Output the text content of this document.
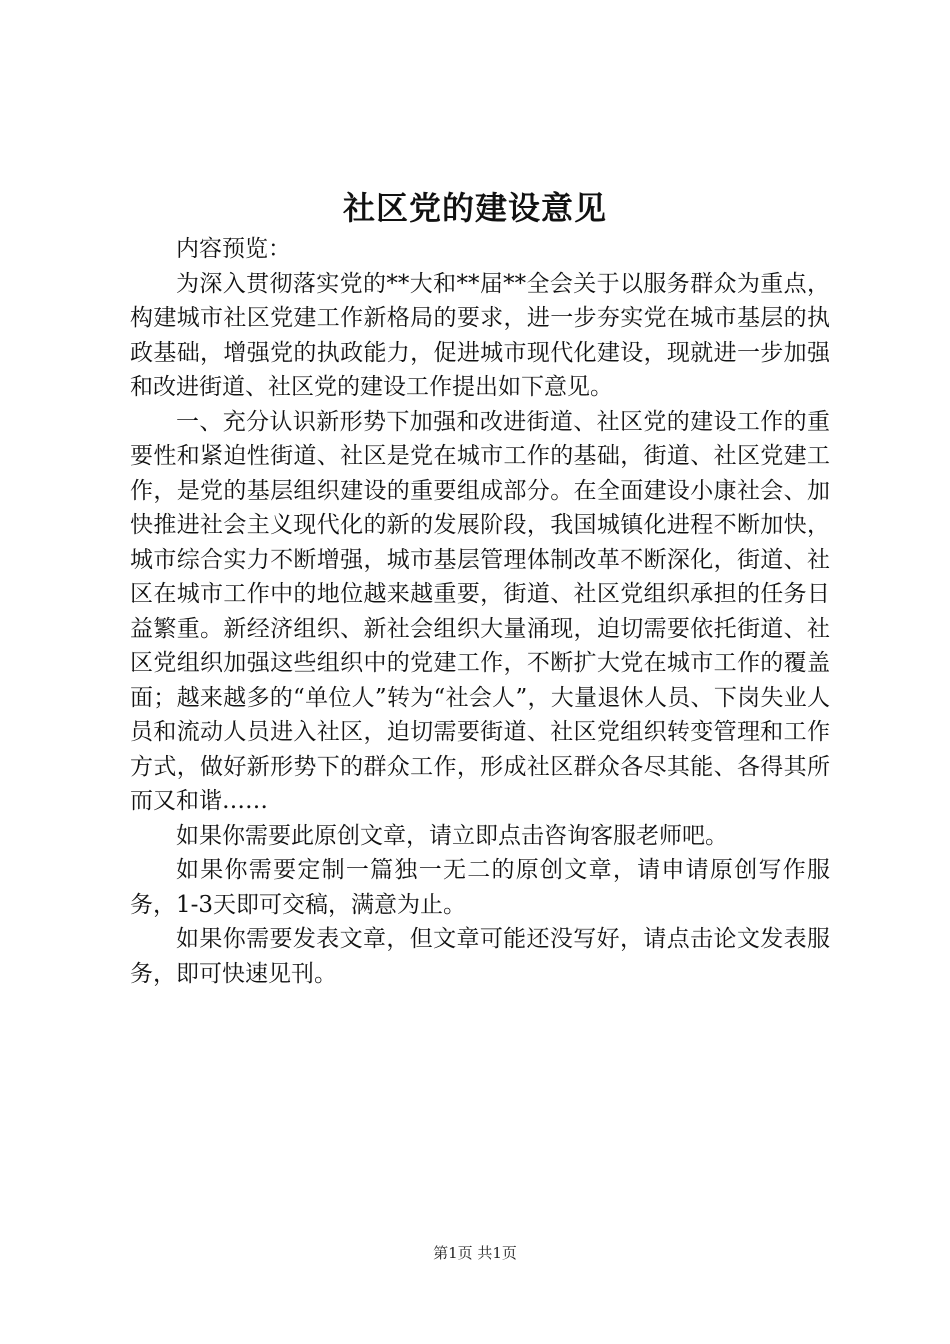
社区党的建设意见

内容预览：

为深入贯彻落实党的**大和**届**全会关于以服务群众为重点，构建城市社区党建工作新格局的要求，进一步夯实党在城市基层的执政基础，增强党的执政能力，促进城市现代化建设，现就进一步加强和改进街道、社区党的建设工作提出如下意见。

一、充分认识新形势下加强和改进街道、社区党的建设工作的重要性和紧迫性街道、社区是党在城市工作的基础，街道、社区党建工作，是党的基层组织建设的重要组成部分。在全面建设小康社会、加快推进社会主义现代化的新的发展阶段，我国城镇化进程不断加快，城市综合实力不断增强，城市基层管理体制改革不断深化，街道、社区在城市工作中的地位越来越重要，街道、社区党组织承担的任务日益繁重。新经济组织、新社会组织大量涌现，迫切需要依托街道、社区党组织加强这些组织中的党建工作，不断扩大党在城市工作的覆盖面；越来越多的“单位人”转为“社会人”，大量退休人员、下岗失业人员和流动人员进入社区，迫切需要街道、社区党组织转变管理和工作方式，做好新形势下的群众工作，形成社区群众各尽其能、各得其所而又和谐……

如果你需要此原创文章，请立即点击咨询客服老师吧。

如果你需要定制一篇独一无二的原创文章，请申请原创写作服务，1-3天即可交稿，满意为止。

如果你需要发表文章，但文章可能还没写好，请点击论文发表服务，即可快速见刊。

第1页 共1页
